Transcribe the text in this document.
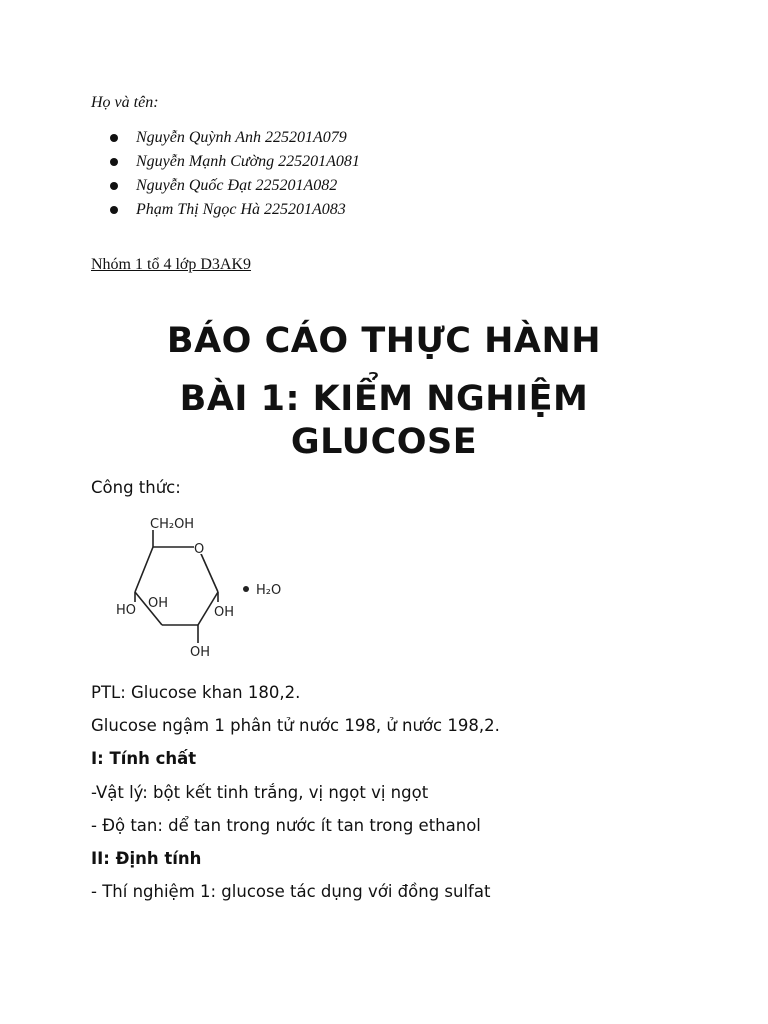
Họ và tên:
Nguyễn Quỳnh Anh 225201A079
Nguyễn Mạnh Cường 225201A081
Nguyễn Quốc Đạt 225201A082
Phạm Thị Ngọc Hà 225201A083
Nhóm 1 tổ 4 lớp D3AK9
BÁO CÁO THỰC HÀNH
BÀI 1: KIỂM NGHIỆM
GLUCOSE
Công thức:
CH₂OH
O
HO OH
OH
OH
H₂O
PTL: Glucose khan 180,2.
Glucose ngậm 1 phân tử nước 198, ử nước 198,2.
I: Tính chất
-Vật lý: bột kết tinh trắng, vị ngọt vị ngọt
- Độ tan: dể tan trong nước ít tan trong ethanol
II: Định tính
- Thí nghiệm 1: glucose tác dụng với đồng sulfat
